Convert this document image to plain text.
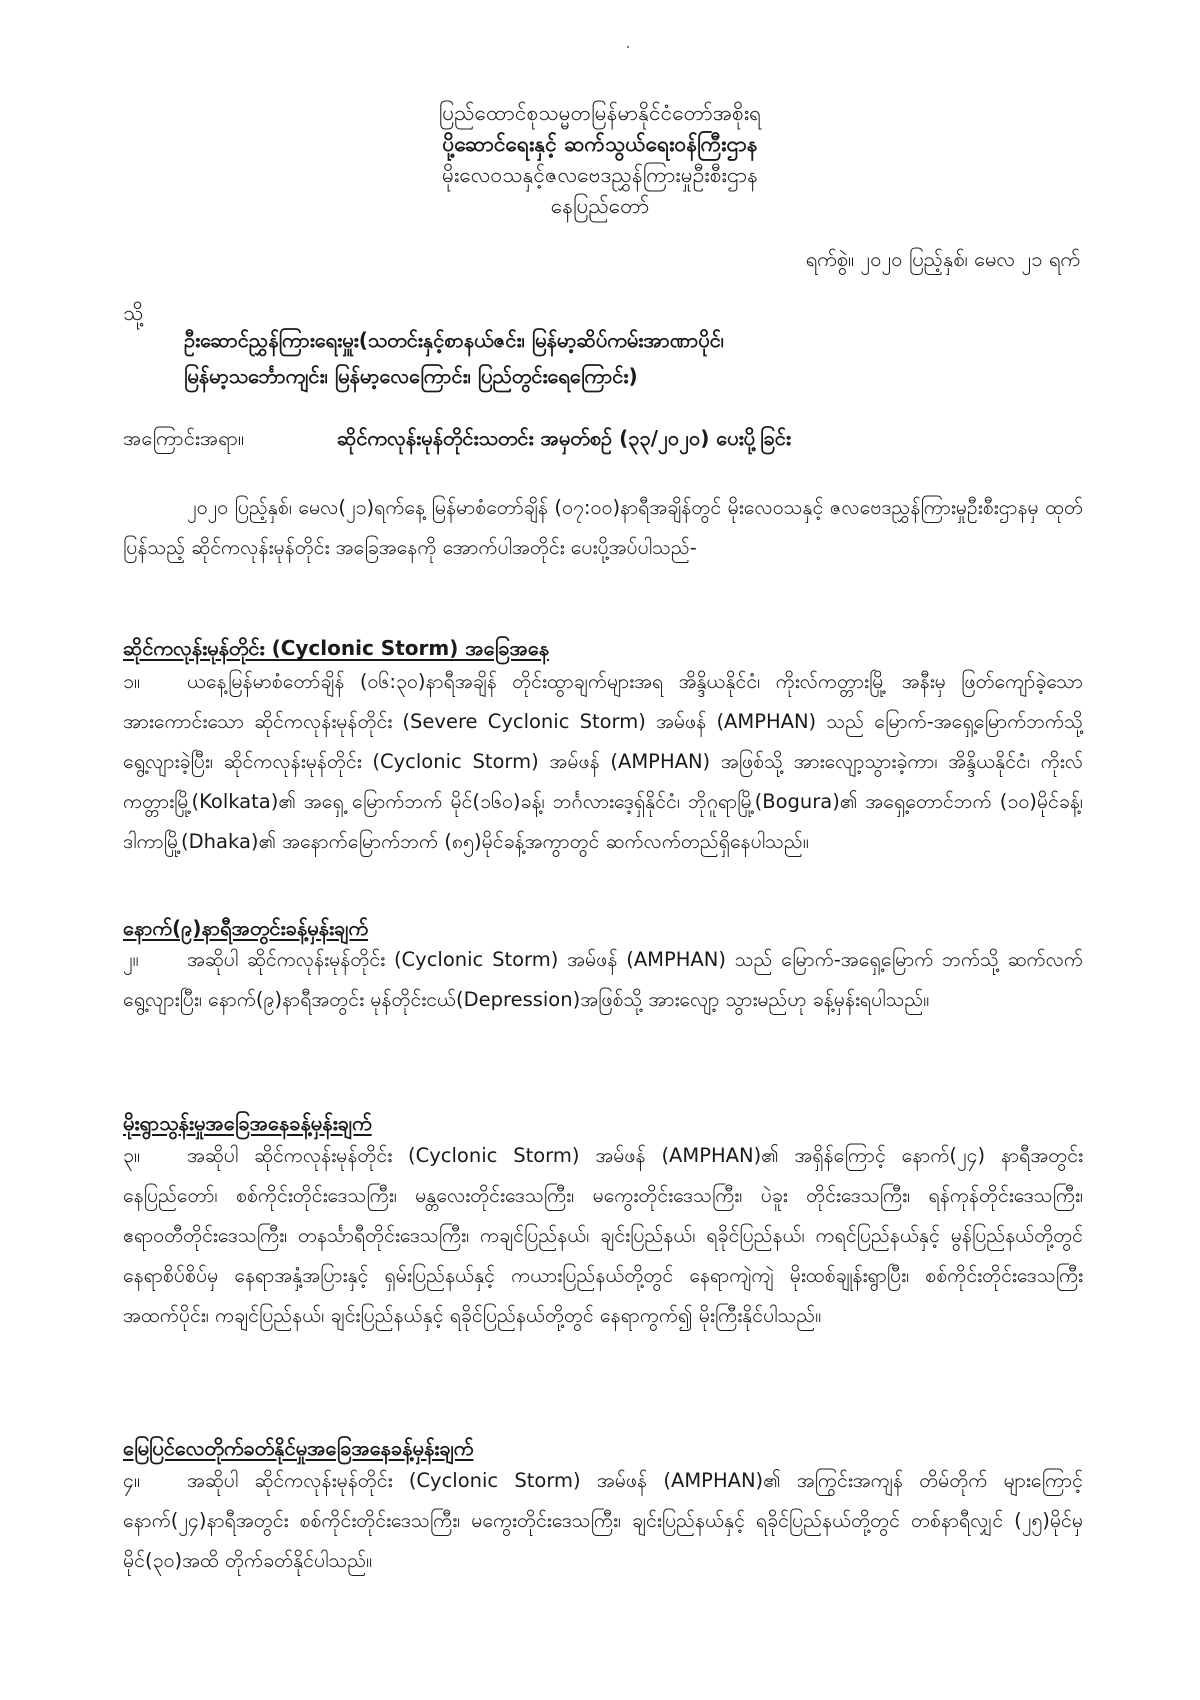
ပြည်ထောင်စုသမ္မတမြန်မာနိုင်ငံတော်အစိုးရ
ပို့ဆောင်ရေးနှင့် ဆက်သွယ်ရေးဝန်ကြီးဌာန
မိုးလေဝသနှင့်ဇလဗေဒညွှန်ကြားမှုဦးစီးဌာန
နေပြည်တော်
ရက်စွဲ။ ၂၀၂၀ ပြည့်နှစ်၊ မေလ ၂၁ ရက်
သို့
ဦးဆောင်ညွှန်ကြားရေးမှူး(သတင်းနှင့်စာနယ်ဇင်း၊ မြန်မာ့ဆိပ်ကမ်းအာဏာပိုင်၊
မြန်မာ့သင်္ဘောကျင်း၊ မြန်မာ့လေကြောင်း၊ ပြည်တွင်းရေကြောင်း)
အကြောင်းအရာ။	ဆိုင်ကလုန်းမုန်တိုင်းသတင်း အမှတ်စဉ် (၃၃/၂၀၂၀) ပေးပို့ခြင်း
၂၀၂၀ ပြည့်နှစ်၊ မေလ(၂၁)ရက်နေ့ မြန်မာစံတော်ချိန် (၀၇:၀၀)နာရီအချိန်တွင် မိုးလေဝသနှင့် ဇလဗေဒညွှန်ကြားမှုဦးစီးဌာနမှ ထုတ်ပြန်သည့် ဆိုင်ကလုန်းမုန်တိုင်း အခြေအနေကို အောက်ပါအတိုင်း ပေးပို့အပ်ပါသည်-
ဆိုင်ကလုန်းမုန်တိုင်း (Cyclonic Storm) အခြေအနေ
၁။ ယနေ့မြန်မာစံတော်ချိန် (၀၆:၃၀)နာရီအချိန် တိုင်းထွာချက်များအရ အိန္ဒိယနိုင်ငံ၊ ကိုးလ်ကတ္တားမြို့ အနီးမှ ဖြတ်ကျော်ခဲ့သော အားကောင်းသော ဆိုင်ကလုန်းမုန်တိုင်း (Severe Cyclonic Storm) အမ်ဖန် (AMPHAN) သည် မြောက်-အရှေ့မြောက်ဘက်သို့ ရွေ့လျားခဲ့ပြီး၊ ဆိုင်ကလုန်းမုန်တိုင်း (Cyclonic Storm) အမ်ဖန် (AMPHAN) အဖြစ်သို့ အားလျော့သွားခဲ့ကာ၊ အိန္ဒိယနိုင်ငံ၊ ကိုးလ်ကတ္တားမြို့(Kolkata)၏ အရှေ့ မြောက်ဘက် မိုင်(၁၆၀)ခန့်၊ ဘင်္ဂလားဒေ့ရှ်နိုင်ငံ၊ ဘိုဂူရာမြို့(Bogura)၏ အရှေ့တောင်ဘက် (၁၀)မိုင်ခန့်၊ ဒါကာမြို့(Dhaka)၏ အနောက်မြောက်ဘက် (၈၅)မိုင်ခန့်အကွာတွင် ဆက်လက်တည်ရှိနေပါသည်။
နောက်(၉)နာရီအတွင်းခန့်မှန်းချက်
၂။ အဆိုပါ ဆိုင်ကလုန်းမုန်တိုင်း (Cyclonic Storm) အမ်ဖန် (AMPHAN) သည် မြောက်-အရှေ့မြောက် ဘက်သို့ ဆက်လက်ရွေ့လျားပြီး၊ နောက်(၉)နာရီအတွင်း မုန်တိုင်းငယ်(Depression)အဖြစ်သို့ အားလျော့ သွားမည်ဟု ခန့်မှန်းရပါသည်။
မိုးရွာသွန်းမှုအခြေအနေခန့်မှန်းချက်
၃။ အဆိုပါ ဆိုင်ကလုန်းမုန်တိုင်း (Cyclonic Storm) အမ်ဖန် (AMPHAN)၏ အရှိန်ကြောင့် နောက်(၂၄) နာရီအတွင်း နေပြည်တော်၊ စစ်ကိုင်းတိုင်းဒေသကြီး၊ မန္တလေးတိုင်းဒေသကြီး၊ မကွေးတိုင်းဒေသကြီး၊ ပဲခူး တိုင်းဒေသကြီး၊ ရန်ကုန်တိုင်းဒေသကြီး၊ ဧရာဝတီတိုင်းဒေသကြီး၊ တနင်္သာရီတိုင်းဒေသကြီး၊ ကချင်ပြည်နယ်၊ ချင်းပြည်နယ်၊ ရခိုင်ပြည်နယ်၊ ကရင်ပြည်နယ်နှင့် မွန်ပြည်နယ်တို့တွင် နေရာစိပ်စိပ်မှ နေရာအနှံ့အပြားနှင့် ရှမ်းပြည်နယ်နှင့် ကယားပြည်နယ်တို့တွင် နေရာကျဲကျဲ မိုးထစ်ချုန်းရွာပြီး၊ စစ်ကိုင်းတိုင်းဒေသကြီး အထက်ပိုင်း၊ ကချင်ပြည်နယ်၊ ချင်းပြည်နယ်နှင့် ရခိုင်ပြည်နယ်တို့တွင် နေရာကွက်၍ မိုးကြီးနိုင်ပါသည်။
မြေပြင်လေတိုက်ခတ်နိုင်မှုအခြေအနေခန့်မှန်းချက်
၄။ အဆိုပါ ဆိုင်ကလုန်းမုန်တိုင်း (Cyclonic Storm) အမ်ဖန် (AMPHAN)၏ အကြွင်းအကျန် တိမ်တိုက် များကြောင့် နောက်(၂၄)နာရီအတွင်း စစ်ကိုင်းတိုင်းဒေသကြီး၊ မကွေးတိုင်းဒေသကြီး၊ ချင်းပြည်နယ်နှင့် ရခိုင်ပြည်နယ်တို့တွင် တစ်နာရီလျှင် (၂၅)မိုင်မှ မိုင်(၃၀)အထိ တိုက်ခတ်နိုင်ပါသည်။
